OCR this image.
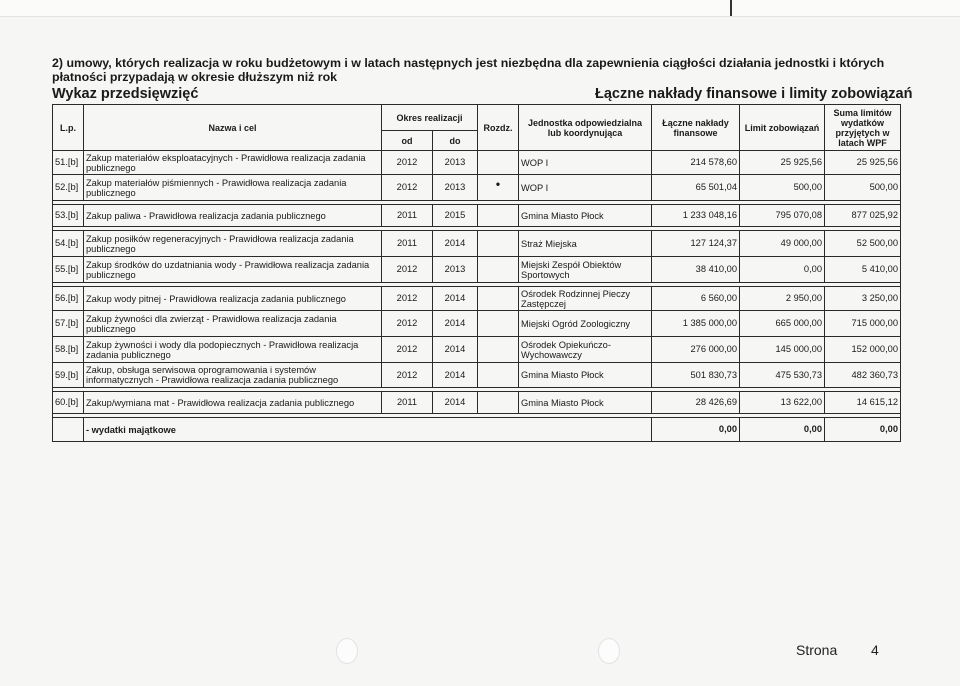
2) umowy, których realizacja w roku budżetowym i w latach następnych jest niezbędna dla zapewnienia ciągłości działania jednostki i których płatności przypadają w okresie dłuższym niż rok
Wykaz przedsięwzięć	Łączne nakłady finansowe i limity zobowiązań
L.p.	Nazwa i cel	Okres realizacji		Rozdz.	Jednostka odpowiedzialna lub koordynująca	Łączne nakłady finansowe	Limit zobowiązań	Suma limitów wydatków przyjętych w latach WPF
		od	do					
51.[b]	Zakup materiałów eksploatacyjnych - Prawidłowa realizacja zadania publicznego	2012	2013		WOP I	214 578,60	25 925,56	25 925,56
52.[b]	Zakup materiałów piśmiennych - Prawidłowa realizacja zadania publicznego	2012	2013	•	WOP I	65 501,04	500,00	500,00

53.[b]	Zakup paliwa - Prawidłowa realizacja zadania publicznego	2011	2015		Gmina Miasto Płock	1 233 048,16	795 070,08	877 025,92

54.[b]	Zakup posiłków regeneracyjnych - Prawidłowa realizacja zadania publicznego	2011	2014		Straż Miejska	127 124,37	49 000,00	52 500,00
55.[b]	Zakup środków do uzdatniania wody - Prawidłowa realizacja zadania publicznego	2012	2013		Miejski Zespół Obiektów Sportowych	38 410,00	0,00	5 410,00

56.[b]	Zakup wody pitnej - Prawidłowa realizacja zadania publicznego	2012	2014		Ośrodek Rodzinnej Pieczy Zastępczej	6 560,00	2 950,00	3 250,00
57.[b]	Zakup żywności dla zwierząt - Prawidłowa realizacja zadania publicznego	2012	2014		Miejski Ogród Zoologiczny	1 385 000,00	665 000,00	715 000,00
58.[b]	Zakup żywności i wody dla podopiecznych - Prawidłowa realizacja zadania publicznego	2012	2014		Ośrodek Opiekuńczo-Wychowawczy	276 000,00	145 000,00	152 000,00
59.[b]	Zakup, obsługa serwisowa oprogramowania i systemów informatycznych - Prawidłowa realizacja zadania publicznego	2012	2014		Gmina Miasto Płock	501 830,73	475 530,73	482 360,73

60.[b]	Zakup/wymiana mat - Prawidłowa realizacja zadania publicznego	2011	2014		Gmina Miasto Płock	28 426,69	13 622,00	14 615,12

	- wydatki majątkowe					0,00	0,00	0,00
Strona 4
